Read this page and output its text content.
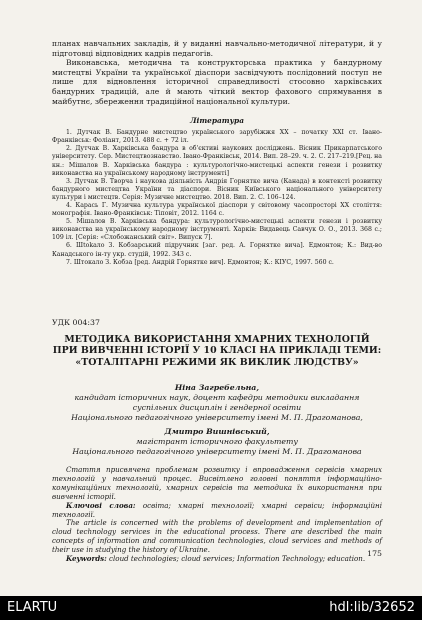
планах навчальних закладів, й у виданні навчально-методичної літератури, й у підготовці відповідних кадрів педагогів.

Виконавська, методична та конструкторська практика у бандурному мистецтві України та української діаспори засвідчують послідовний поступ не лише для відновлення історичної справедливості стосовно харківських бандурних традицій, але й мають чіткий вектор фахового спрямування в майбутнє, збереження традиційної національної культури.

Література

1. Дутчак В. Бандурне мистецтво українського зарубіжжя ХХ – початку ХХІ ст. Івано-Франківськ: Фоліант, 2013. 488 с. + 72 іл.

2. Дутчак В. Харківська бандура в об'єктиві наукових досліджень. Вісник Прикарпатського університету. Сер. Мистецтвознавство. Івано-Франківськ, 2014. Вип. 28–29. ч. 2. С. 217–219.[Рец. на кн.: Мішалов В. Харківська бандура : культурологічно-мистецькі аспекти генези і розвитку виконавства на українському народному інструменті]

3. Дутчак В. Творча і наукова діяльність Андрія Горнятке вича (Канада) в контексті розвитку бандурного мистецтва України та діаспори. Вісник Київського національного університету культури і мистецтв. Серія: Музичне мистецтво. 2018. Вип. 2. С. 106–124.

4. Карась Г. Музична культура української діаспори у світовому часопросторі ХХ століття: монографія. Івано-Франківськ: Тіповіт, 2012. 1164 с.

5. Мішалов В. Харківська бандура: культурологічно-мистецькі аспекти генези і розвитку виконавства на українському народному інструменті. Харків: Видавець Савчук О. О., 2013. 368 с.; 109 іл. [Серія: «Слобожанський світ». Випуск 7].

6. Шtokало З. Кобзарський підручник [заг. ред. А. Горнятке вича]. Едмонтон; К.: Вид-во Канадського ін-ту укр. студій, 1992. 343 с.

7. Штокало З. Кобза [ред. Андрій Горнятке вич]. Едмонтон; К.: КІУС, 1997. 560 с.

УДК 004:37
МЕТОДИКА ВИКОРИСТАННЯ ХМАРНИХ ТЕХНОЛОГІЙ ПРИ ВИВЧЕННІ ІСТОРІЇ У 10 КЛАСІ НА ПРИКЛАДІ ТЕМИ: «ТОТАЛІТАРНІ РЕЖИМИ ЯК ВИКЛИК ЛЮДСТВУ»
Ніна Загребельна,
кандидат історичних наук, доцент кафедри методики викладання
суспільних дисциплін і гендерної освіти
Національного педагогічного університету імені М. П. Драгоманова,
Дмитро Вишнівський,
магістрант історичного факультету
Національного педагогічного університету імені М. П. Драгоманова

Стаття присвячена проблемам розвитку і впровадження сервісів хмарних технологій у навчальний процес. Висвітлено головні поняття інформаційно-комунікаційних технологій, хмарних сервісів та методика їх використання при вивченні історії.

Ключові слова: освіта; хмарні технології; хмарні сервіси; інформаційні технології.

The article is concerned with the problems of development and implementation of cloud technology services in the educational process. There are described the main concepts of information and communication technologies, cloud services and methods of their use in studying the history of Ukraine.

Keywords: cloud technologies; cloud services; Information Technology; education.

175
ELARTU	hdl:lib/32652
